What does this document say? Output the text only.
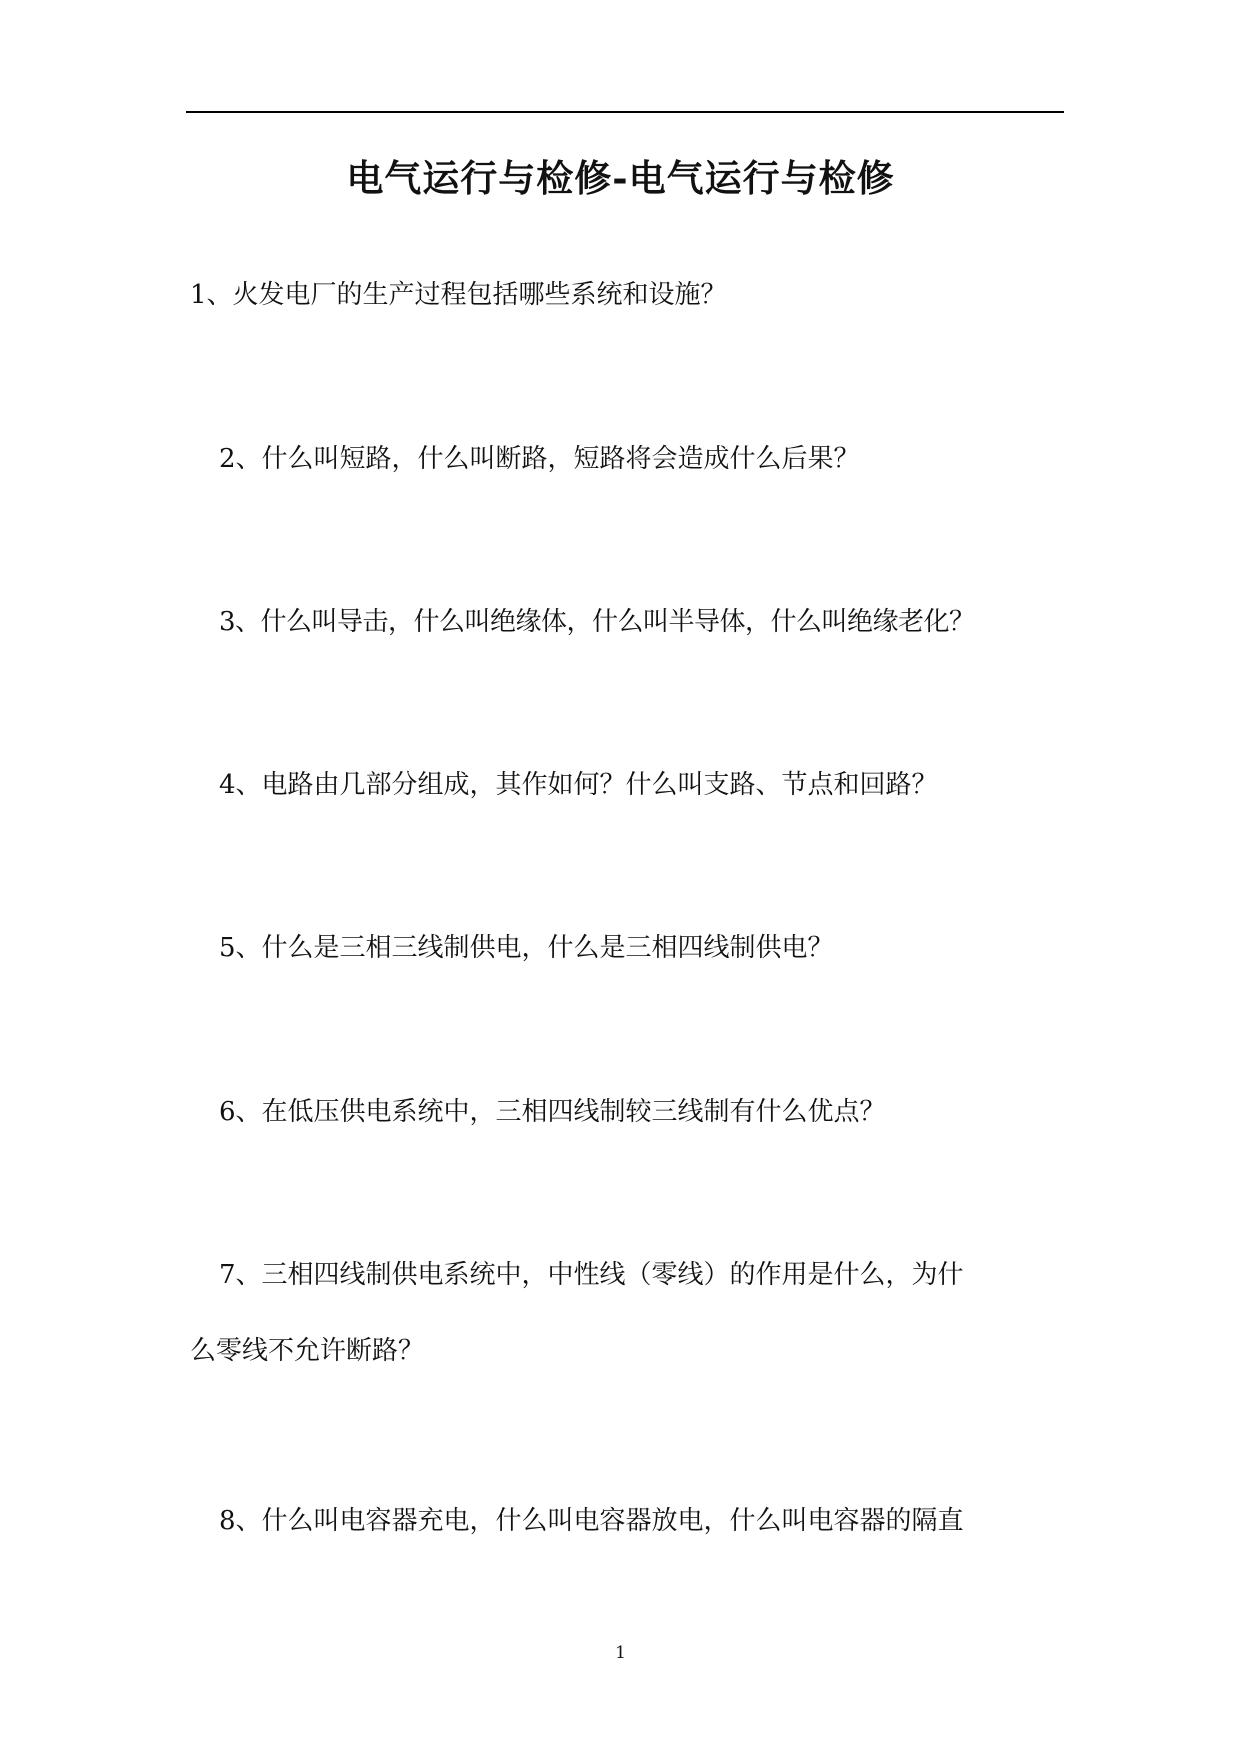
电气运行与检修-电气运行与检修
1、火发电厂的生产过程包括哪些系统和设施？
2、什么叫短路，什么叫断路，短路将会造成什么后果？
3、什么叫导击，什么叫绝缘体，什么叫半导体，什么叫绝缘老化？
4、电路由几部分组成，其作如何？什么叫支路、节点和回路？
5、什么是三相三线制供电，什么是三相四线制供电？
6、在低压供电系统中，三相四线制较三线制有什么优点？
7、三相四线制供电系统中，中性线（零线）的作用是什么，为什
么零线不允许断路？
8、什么叫电容器充电，什么叫电容器放电，什么叫电容器的隔直
1
